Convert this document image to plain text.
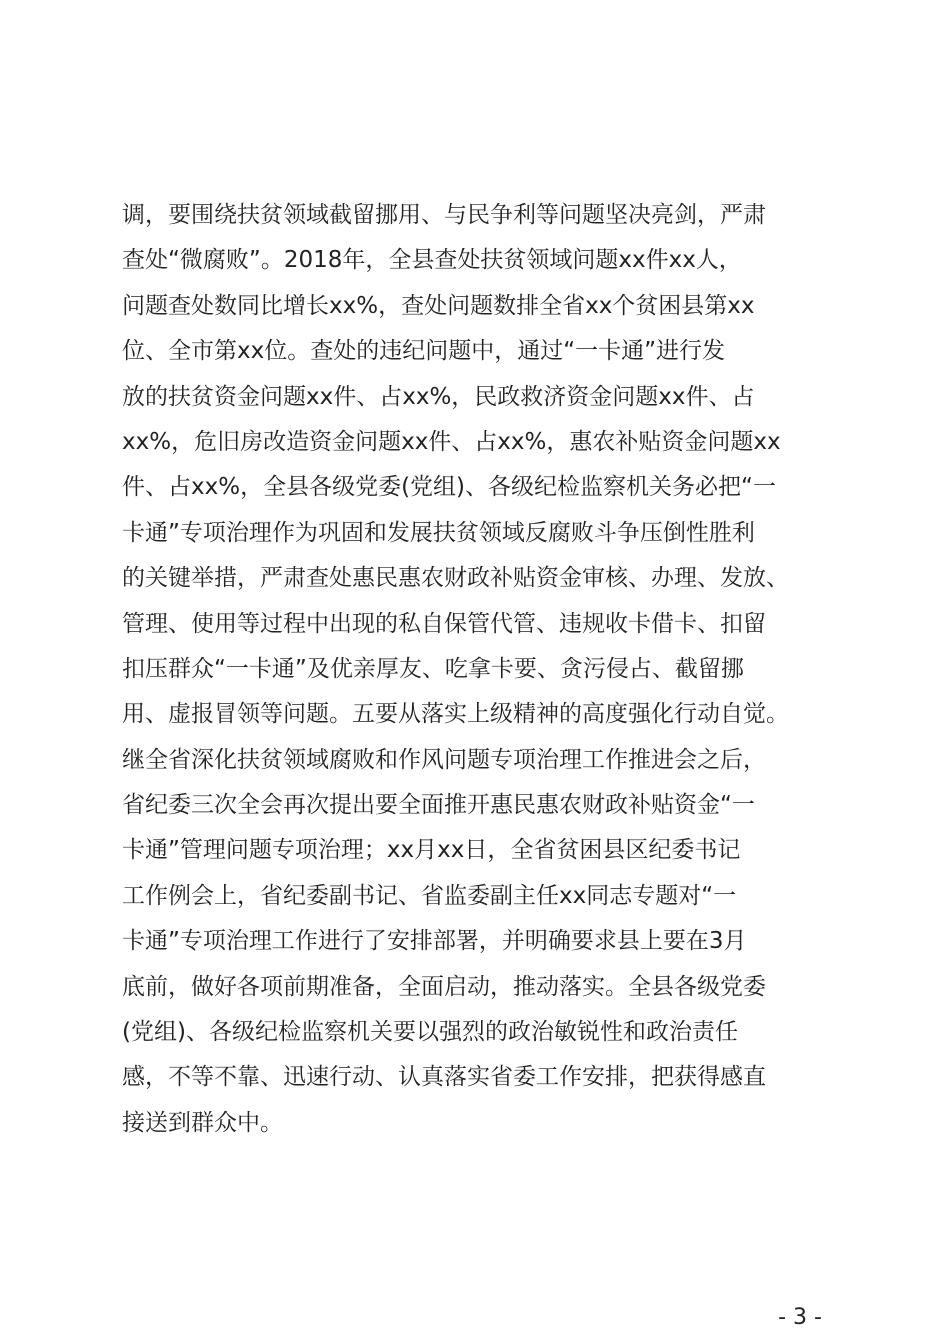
调，要围绕扶贫领域截留挪用、与民争利等问题坚决亮剑，严肃
查处“微腐败”。2018年，全县查处扶贫领域问题xx件xx人，
问题查处数同比增长xx%，查处问题数排全省xx个贫困县第xx
位、全市第xx位。查处的违纪问题中，通过“一卡通”进行发
放的扶贫资金问题xx件、占xx%，民政救济资金问题xx件、占
xx%，危旧房改造资金问题xx件、占xx%，惠农补贴资金问题xx
件、占xx%，全县各级党委(党组)、各级纪检监察机关务必把“一
卡通”专项治理作为巩固和发展扶贫领域反腐败斗争压倒性胜利
的关键举措，严肃查处惠民惠农财政补贴资金审核、办理、发放、
管理、使用等过程中出现的私自保管代管、违规收卡借卡、扣留
扣压群众“一卡通”及优亲厚友、吃拿卡要、贪污侵占、截留挪
用、虚报冒领等问题。五要从落实上级精神的高度强化行动自觉。
继全省深化扶贫领域腐败和作风问题专项治理工作推进会之后，
省纪委三次全会再次提出要全面推开惠民惠农财政补贴资金“一
卡通”管理问题专项治理；xx月xx日，全省贫困县区纪委书记
工作例会上，省纪委副书记、省监委副主任xx同志专题对“一
卡通”专项治理工作进行了安排部署，并明确要求县上要在3月
底前，做好各项前期准备，全面启动，推动落实。全县各级党委
(党组)、各级纪检监察机关要以强烈的政治敏锐性和政治责任
感，不等不靠、迅速行动、认真落实省委工作安排，把获得感直
接送到群众中。
- 3 -
